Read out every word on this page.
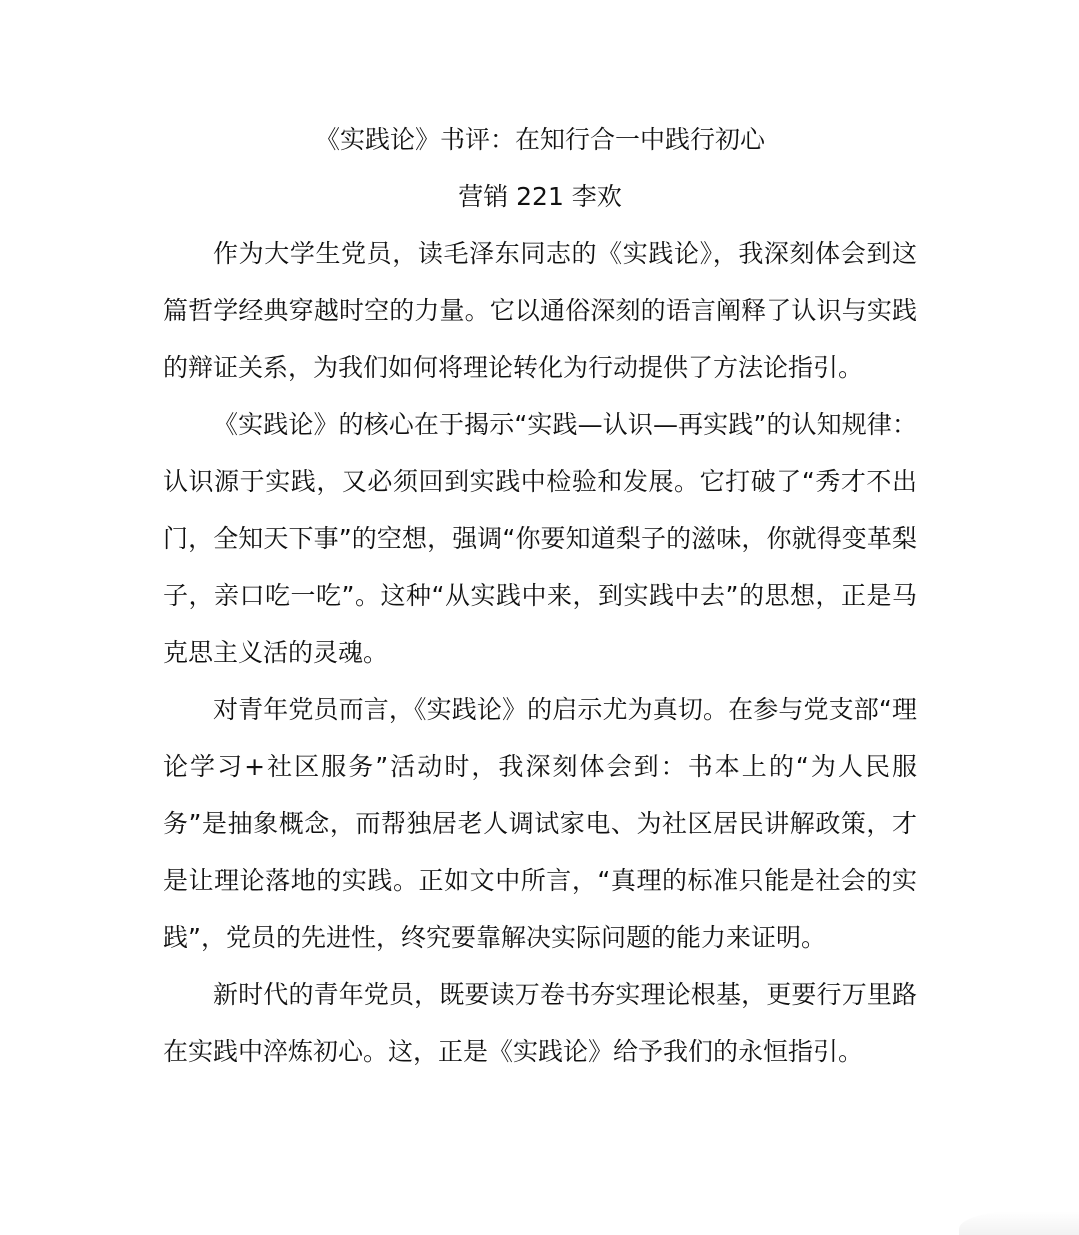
《实践论》书评：在知行合一中践行初心

营销 221 李欢

作为大学生党员，读毛泽东同志的《实践论》，我深刻体会到这篇哲学经典穿越时空的力量。它以通俗深刻的语言阐释了认识与实践的辩证关系，为我们如何将理论转化为行动提供了方法论指引。

《实践论》的核心在于揭示“实践—认识—再实践”的认知规律：认识源于实践，又必须回到实践中检验和发展。它打破了“秀才不出门，全知天下事”的空想，强调“你要知道梨子的滋味，你就得变革梨子，亲口吃一吃”。这种“从实践中来，到实践中去”的思想，正是马克思主义活的灵魂。

对青年党员而言，《实践论》的启示尤为真切。在参与党支部“理论学习+社区服务”活动时，我深刻体会到：书本上的“为人民服务”是抽象概念，而帮独居老人调试家电、为社区居民讲解政策，才是让理论落地的实践。正如文中所言，“真理的标准只能是社会的实践”，党员的先进性，终究要靠解决实际问题的能力来证明。

新时代的青年党员，既要读万卷书夯实理论根基，更要行万里路在实践中淬炼初心。这，正是《实践论》给予我们的永恒指引。
